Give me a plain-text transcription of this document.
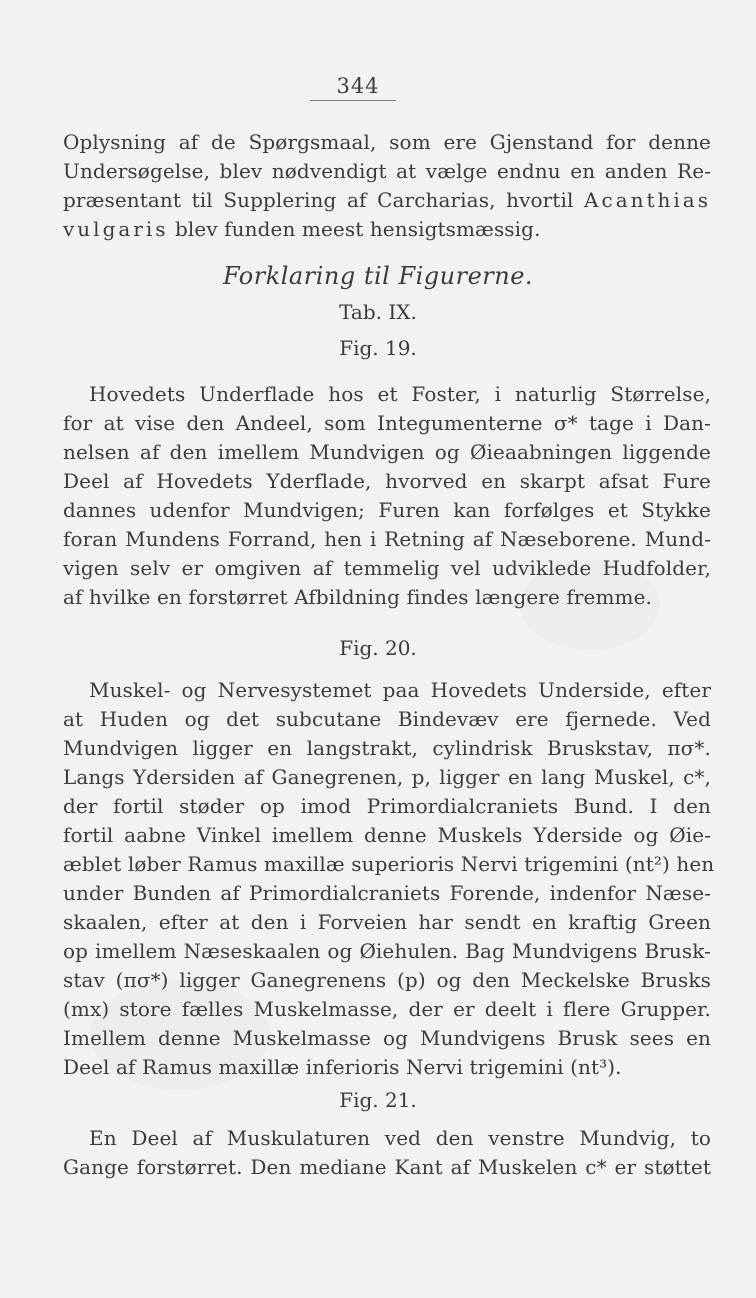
344
Oplysning af de Spørgsmaal, som ere Gjenstand for denne
Undersøgelse, blev nødvendigt at vælge endnu en anden Re-
præsentant til Supplering af Carcharias, hvortil Acanthias
vulgaris blev funden meest hensigtsmæssig.
Forklaring til Figurerne.
Tab. IX.
Fig. 19.
Hovedets Underflade hos et Foster, i naturlig Størrelse,
for at vise den Andeel, som Integumenterne σ* tage i Dan-
nelsen af den imellem Mundvigen og Øieaabningen liggende
Deel af Hovedets Yderflade, hvorved en skarpt afsat Fure
dannes udenfor Mundvigen; Furen kan forfølges et Stykke
foran Mundens Forrand, hen i Retning af Næseborene. Mund-
vigen selv er omgiven af temmelig vel udviklede Hudfolder,
af hvilke en forstørret Afbildning findes længere fremme.
Fig. 20.
Muskel- og Nervesystemet paa Hovedets Underside, efter
at Huden og det subcutane Bindevæv ere fjernede. Ved
Mundvigen ligger en langstrakt, cylindrisk Bruskstav, πσ*.
Langs Ydersiden af Ganegrenen, p, ligger en lang Muskel, c*,
der fortil støder op imod Primordialcraniets Bund. I den
fortil aabne Vinkel imellem denne Muskels Yderside og Øie-
æblet løber Ramus maxillæ superioris Nervi trigemini (nt²) hen
under Bunden af Primordialcraniets Forende, indenfor Næse-
skaalen, efter at den i Forveien har sendt en kraftig Green
op imellem Næseskaalen og Øiehulen. Bag Mundvigens Brusk-
stav (πσ*) ligger Ganegrenens (p) og den Meckelske Brusks
(mx) store fælles Muskelmasse, der er deelt i flere Grupper.
Imellem denne Muskelmasse og Mundvigens Brusk sees en
Deel af Ramus maxillæ inferioris Nervi trigemini (nt³).
Fig. 21.
En Deel af Muskulaturen ved den venstre Mundvig, to
Gange forstørret. Den mediane Kant af Muskelen c* er støttet
